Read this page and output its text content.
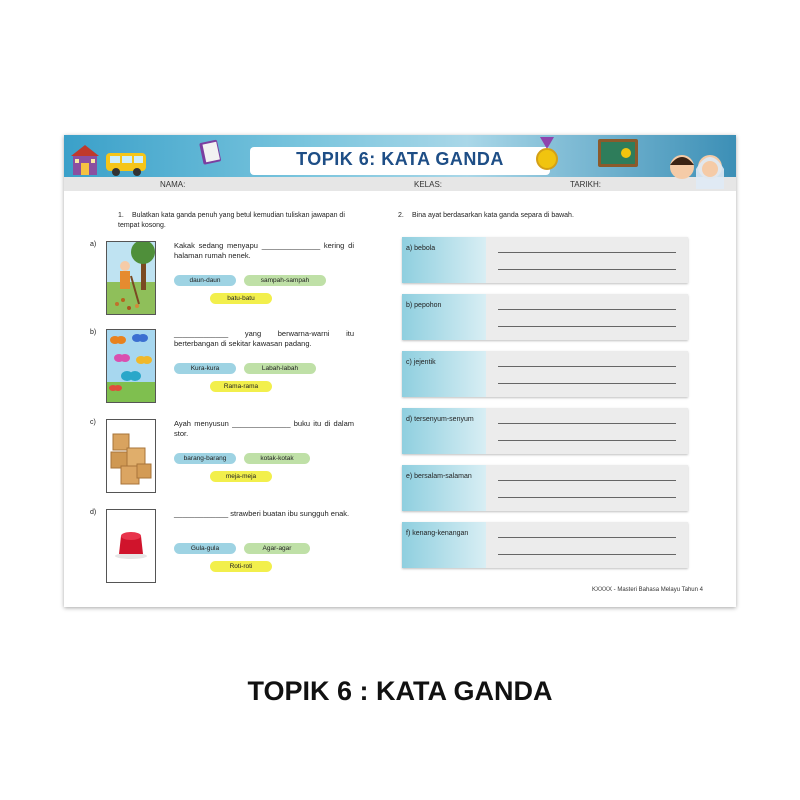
TOPIK 6: KATA GANDA
NAMA:	KELAS:	TARIKH:
1. Bulatkan kata ganda penuh yang betul kemudian tuliskan jawapan di tempat kosong.
2. Bina ayat berdasarkan kata ganda separa di bawah.
a)	Kakak sedang menyapu ______________ kering di halaman rumah nenek.
daun-daun	sampah-sampah
batu-batu
b)	_____________ yang berwarna-warni itu berterbangan di sekitar kawasan padang.
Kura-kura	Labah-labah
Rama-rama
c)	Ayah menyusun ______________ buku itu di dalam stor.
barang-barang	kotak-kotak
meja-meja
d)	_____________ strawberi buatan ibu sungguh enak.
Gula-gula	Agar-agar
Roti-roti
a) bebola
b) pepohon
c) jejentik
d) tersenyum-senyum
e) bersalam-salaman
f) kenang-kenangan
KXXXX - Masteri Bahasa Melayu Tahun 4
TOPIK 6 : KATA GANDA
